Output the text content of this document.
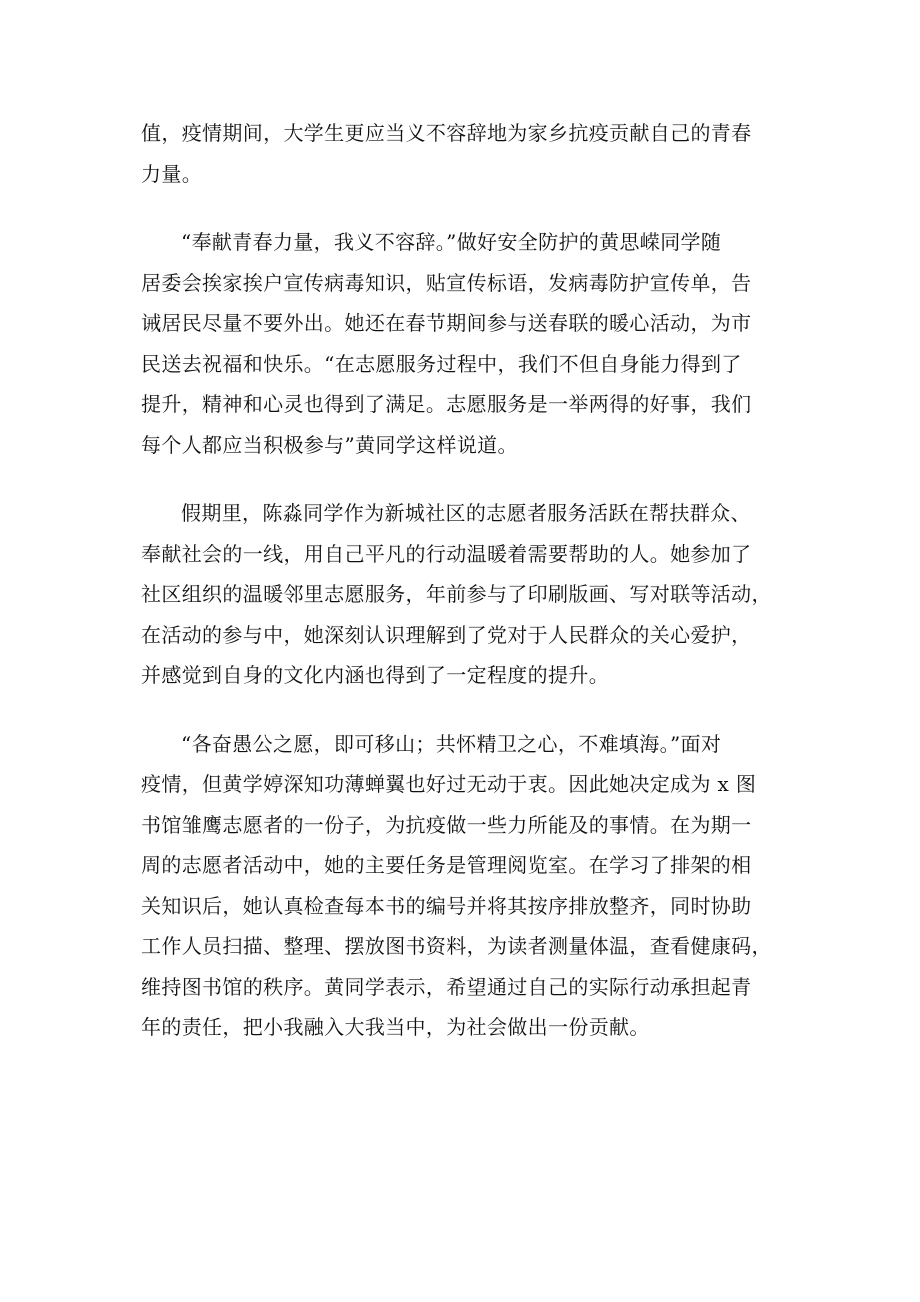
值，疫情期间，大学生更应当义不容辞地为家乡抗疫贡献自己的青春
力量。

“奉献青春力量，我义不容辞。”做好安全防护的黄思嵘同学随
居委会挨家挨户宣传病毒知识，贴宣传标语，发病毒防护宣传单，告
诫居民尽量不要外出。她还在春节期间参与送春联的暖心活动，为市
民送去祝福和快乐。“在志愿服务过程中，我们不但自身能力得到了
提升，精神和心灵也得到了满足。志愿服务是一举两得的好事，我们
每个人都应当积极参与”黄同学这样说道。

假期里，陈淼同学作为新城社区的志愿者服务活跃在帮扶群众、
奉献社会的一线，用自己平凡的行动温暖着需要帮助的人。她参加了
社区组织的温暖邻里志愿服务，年前参与了印刷版画、写对联等活动，
在活动的参与中，她深刻认识理解到了党对于人民群众的关心爱护，
并感觉到自身的文化内涵也得到了一定程度的提升。

“各奋愚公之愿，即可移山；共怀精卫之心，不难填海。”面对
疫情，但黄学婷深知功薄蝉翼也好过无动于衷。因此她决定成为 x 图
书馆雏鹰志愿者的一份子，为抗疫做一些力所能及的事情。在为期一
周的志愿者活动中，她的主要任务是管理阅览室。在学习了排架的相
关知识后，她认真检查每本书的编号并将其按序排放整齐，同时协助
工作人员扫描、整理、摆放图书资料，为读者测量体温，查看健康码，
维持图书馆的秩序。黄同学表示，希望通过自己的实际行动承担起青
年的责任，把小我融入大我当中，为社会做出一份贡献。
